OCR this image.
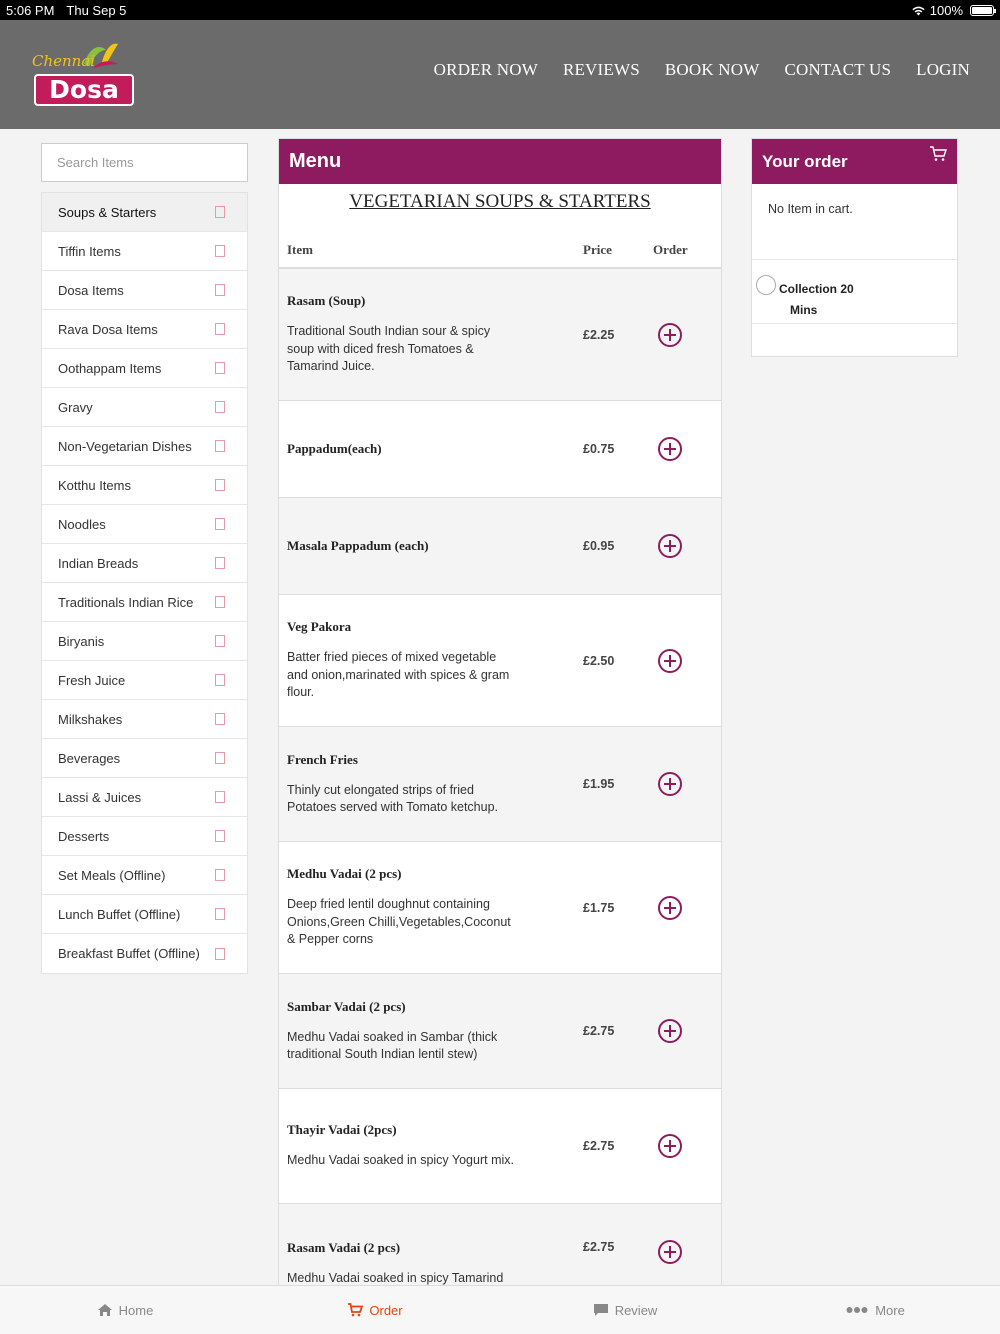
5:06 PM Thu Sep 5	100%
Chennai
Dosa
ORDER NOW REVIEWS BOOK NOW CONTACT US LOGIN
Search Items
Soups & Starters
Tiffin Items
Dosa Items
Rava Dosa Items
Oothappam Items
Gravy
Non-Vegetarian Dishes
Kotthu Items
Noodles
Indian Breads
Traditionals Indian Rice
Biryanis
Fresh Juice
Milkshakes
Beverages
Lassi & Juices
Desserts
Set Meals (Offline)
Lunch Buffet (Offline)
Breakfast Buffet (Offline)
Menu
VEGETARIAN SOUPS & STARTERS
Item	Price	Order
Rasam (Soup)
Traditional South Indian sour & spicy soup with diced fresh Tomatoes & Tamarind Juice.
£2.25
Pappadum(each)	£0.75
Masala Pappadum (each)	£0.95
Veg Pakora
Batter fried pieces of mixed vegetable and onion,marinated with spices & gram flour.
£2.50
French Fries
Thinly cut elongated strips of fried Potatoes served with Tomato ketchup.
£1.95
Medhu Vadai (2 pcs)
Deep fried lentil doughnut containing Onions,Green Chilli,Vegetables,Coconut & Pepper corns
£1.75
Sambar Vadai (2 pcs)
Medhu Vadai soaked in Sambar (thick traditional South Indian lentil stew)
£2.75
Thayir Vadai (2pcs)
Medhu Vadai soaked in spicy Yogurt mix.
£2.75
Rasam Vadai (2 pcs)
Medhu Vadai soaked in spicy Tamarind
£2.75
Your order
No Item in cart.
Collection 20
Mins
Home	Order	Review	More
